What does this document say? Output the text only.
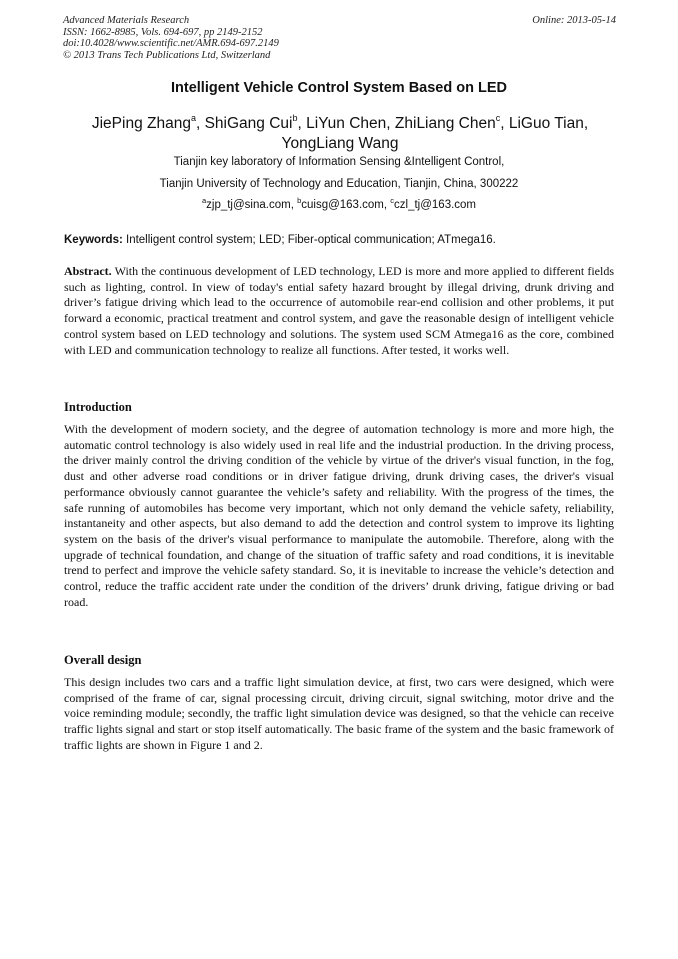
Advanced Materials Research	Online: 2013-05-14
ISSN: 1662-8985, Vols. 694-697, pp 2149-2152
doi:10.4028/www.scientific.net/AMR.694-697.2149
© 2013 Trans Tech Publications Ltd, Switzerland
Intelligent Vehicle Control System Based on LED
JiePing Zhang$^a$, ShiGang Cui$^b$, LiYun Chen, ZhiLiang Chen$^c$, LiGuo Tian,
YongLiang Wang
Tianjin key laboratory of Information Sensing &Intelligent Control,
Tianjin University of Technology and Education, Tianjin, China, 300222
$^a$zjp_tj@sina.com, $^b$cuisg@163.com, $^c$czl_tj@163.com
Keywords: Intelligent control system; LED; Fiber-optical communication; ATmega16.

Abstract. With the continuous development of LED technology, LED is more and more applied to different fields such as lighting, control. In view of today's ential safety hazard brought by illegal driving, drunk driving and driver’s fatigue driving which lead to the occurrence of automobile rear-end collision and other problems, it put forward a economic, practical treatment and control system, and gave the reasonable design of intelligent vehicle control system based on LED technology and solutions. The system used SCM Atmega16 as the core, combined with LED and communication technology to realize all functions. After tested, it works well.

Introduction

With the development of modern society, and the degree of automation technology is more and more high, the automatic control technology is also widely used in real life and the industrial production. In the driving process, the driver mainly control the driving condition of the vehicle by virtue of the driver's visual function, in the fog, dust and other adverse road conditions or in driver fatigue driving, drunk driving cases, the driver's visual performance obviously cannot guarantee the vehicle’s safety and reliability. With the progress of the times, the safe running of automobiles has become very important, which not only demand the vehicle safety, reliability, instantaneity and other aspects, but also demand to add the detection and control system to improve its lighting system on the basis of the driver's visual performance to manipulate the automobile. Therefore, along with the upgrade of technical foundation, and change of the situation of traffic safety and road conditions, it is inevitable trend to perfect and improve the vehicle safety standard. So, it is inevitable to increase the vehicle’s detection and control, reduce the traffic accident rate under the condition of the drivers’ drunk driving, fatigue driving or bad road.

Overall design

This design includes two cars and a traffic light simulation device, at first, two cars were designed, which were comprised of the frame of car, signal processing circuit, driving circuit, signal switching, motor drive and the voice reminding module; secondly, the traffic light simulation device was designed, so that the vehicle can receive traffic lights signal and start or stop itself automatically. The basic frame of the system and the basic framework of traffic lights are shown in Figure 1 and 2.
